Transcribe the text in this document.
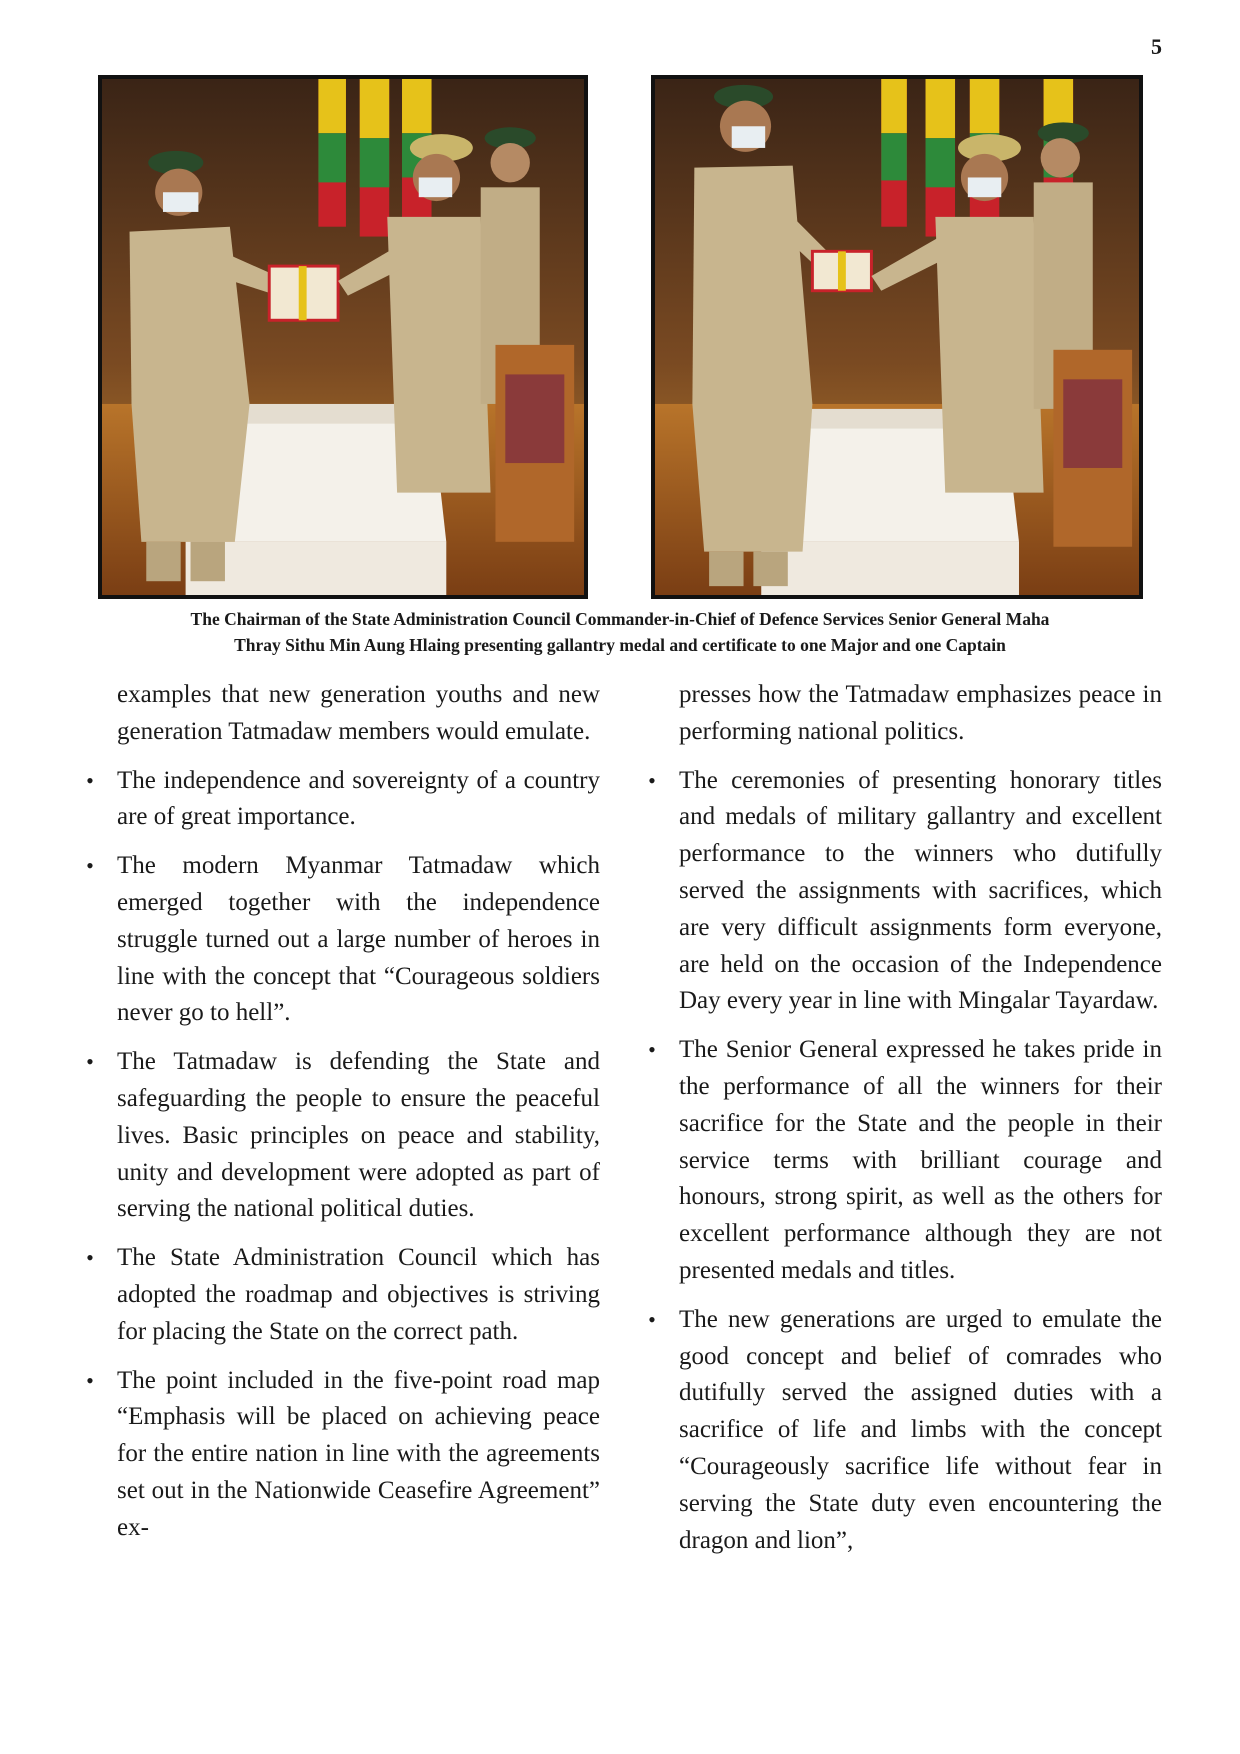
5
The Chairman of the State Administration Council Commander-in-Chief of Defence Services Senior General Maha
Thray Sithu Min Aung Hlaing presenting gallantry medal and certificate to one Major and one Captain

examples that new generation youths and new generation Tatmadaw members would emulate.

• The independence and sovereignty of a country are of great importance.
• The modern Myanmar Tatmadaw which emerged together with the independence struggle turned out a large number of heroes in line with the concept that “Courageous soldiers never go to hell”.
• The Tatmadaw is defending the State and safeguarding the people to ensure the peaceful lives. Basic principles on peace and stability, unity and development were adopted as part of serving the national political duties.
• The State Administration Council which has adopted the roadmap and objectives is striving for placing the State on the correct path.
• The point included in the five-point road map “Emphasis will be placed on achieving peace for the entire nation in line with the agreements set out in the Nationwide Ceasefire Agreement” ex-

presses how the Tatmadaw emphasizes peace in performing national politics.

• The ceremonies of presenting honorary titles and medals of military gallantry and excellent performance to the winners who dutifully served the assignments with sacrifices, which are very difficult assignments form everyone, are held on the occasion of the Independence Day every year in line with Mingalar Tayardaw.
• The Senior General expressed he takes pride in the performance of all the winners for their sacrifice for the State and the people in their service terms with brilliant courage and honours, strong spirit, as well as the others for excellent performance although they are not presented medals and titles.
• The new generations are urged to emulate the good concept and belief of comrades who dutifully served the assigned duties with a sacrifice of life and limbs with the concept “Courageously sacrifice life without fear in serving the State duty even encountering the dragon and lion”,
